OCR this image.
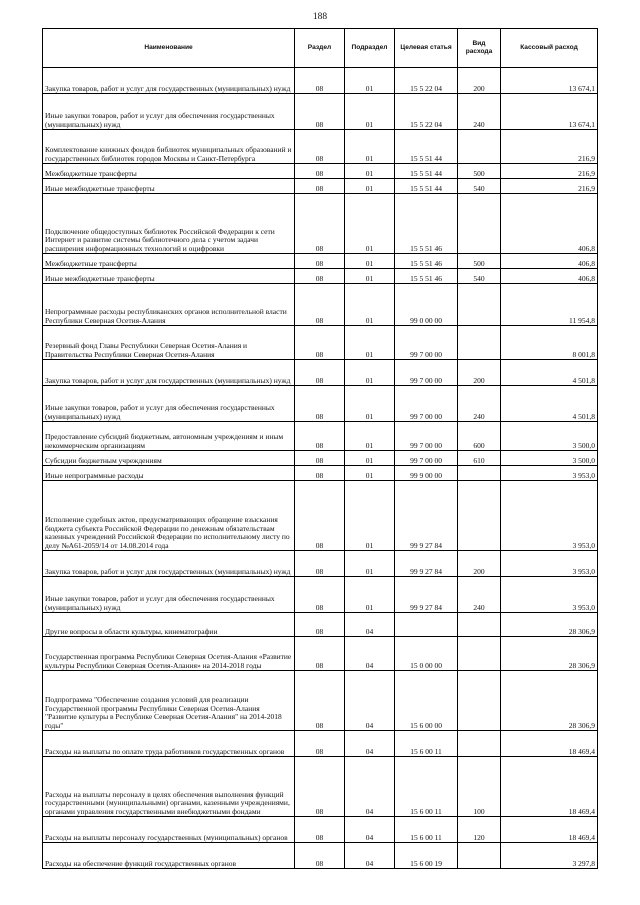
188
Наименование	Раздел	Подраздел	Целевая статья	Вид расхода	Кассовый расход
Закупка товаров, работ и услуг для государственных (муниципальных) нужд	08	01	15 5 22 04	200	13 674,1
Иные закупки товаров, работ и услуг для обеспечения государственных (муниципальных) нужд	08	01	15 5 22 04	240	13 674,1
Комплектование книжных фондов библиотек муниципальных образований и государственных библиотек городов Москвы и Санкт-Петербурга	08	01	15 5 51 44		216,9
Межбюджетные трансферты	08	01	15 5 51 44	500	216,9
Иные межбюджетные трансферты	08	01	15 5 51 44	540	216,9
Подключение общедоступных библиотек Российской Федерации к сети Интернет и развитие системы библиотечного дела с учетом задачи расширения информационных технологий и оцифровки	08	01	15 5 51 46		406,8
Межбюджетные трансферты	08	01	15 5 51 46	500	406,8
Иные межбюджетные трансферты	08	01	15 5 51 46	540	406,8
Непрограммные расходы республиканских органов исполнительной власти Республики Северная Осетия-Алания	08	01	99 0 00 00		11 954,8
Резервный фонд Главы Республики Северная Осетия-Алания и Правительства Республики Северная Осетия-Алания	08	01	99 7 00 00		8 001,8
Закупка товаров, работ и услуг для государственных (муниципальных) нужд	08	01	99 7 00 00	200	4 501,8
Иные закупки товаров, работ и услуг для обеспечения государственных (муниципальных) нужд	08	01	99 7 00 00	240	4 501,8
Предоставление субсидий бюджетным, автономным учреждениям и иным некоммерческим организациям	08	01	99 7 00 00	600	3 500,0
Субсидии бюджетным учреждениям	08	01	99 7 00 00	610	3 500,0
Иные непрограммные расходы	08	01	99 9 00 00		3 953,0
Исполнение судебных актов, предусматривающих обращение взыскания бюджета субъекта Российской Федерации по денежным обязательствам казенных учреждений Российской Федерации по исполнительному листу по делу №А61-2059/14 от 14.08.2014 года	08	01	99 9 27 84		3 953,0
Закупка товаров, работ и услуг для государственных (муниципальных) нужд	08	01	99 9 27 84	200	3 953,0
Иные закупки товаров, работ и услуг для обеспечения государственных (муниципальных) нужд	08	01	99 9 27 84	240	3 953,0
Другие вопросы в области культуры, кинематографии	08	04			28 306,9
Государственная программа Республики Северная Осетия-Алания «Развитие культуры Республики Северная Осетия-Алания» на 2014-2018 годы	08	04	15 0 00 00		28 306,9
Подпрограмма "Обеспечение создания условий для реализации Государственной программы Республики Северная Осетия-Алания "Развитие культуры в Республике Северная Осетия-Алания" на 2014-2018 годы"	08	04	15 6 00 00		28 306,9
Расходы на выплаты по оплате труда работников государственных органов	08	04	15 6 00 11		18 469,4
Расходы на выплаты персоналу в целях обеспечения выполнения функций государственными (муниципальными) органами, казенными учреждениями, органами управления государственными внебюджетными фондами	08	04	15 6 00 11	100	18 469,4
Расходы на выплаты персоналу государственных (муниципальных) органов	08	04	15 6 00 11	120	18 469,4
Расходы на обеспечение функций государственных органов	08	04	15 6 00 19		3 297,8
